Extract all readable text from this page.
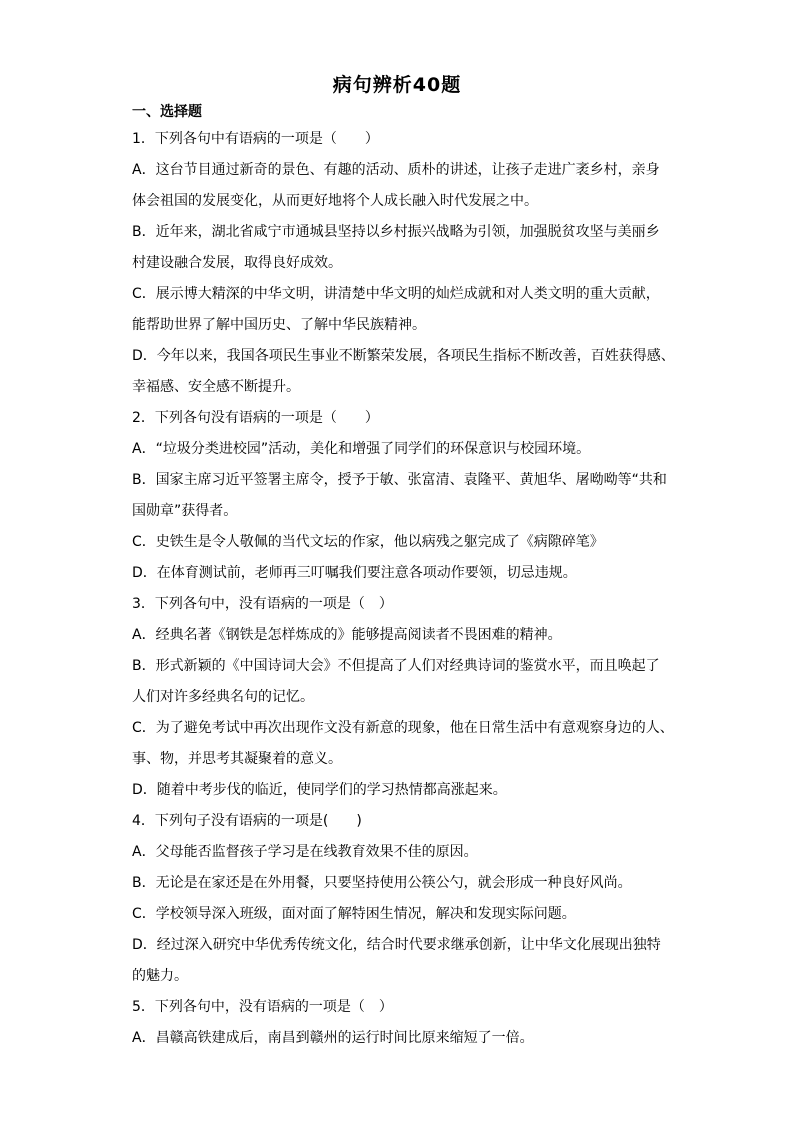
病句辨析40题
一、选择题
1．下列各句中有语病的一项是（　　）
A．这台节目通过新奇的景色、有趣的活动、质朴的讲述，让孩子走进广袤乡村，亲身
体会祖国的发展变化，从而更好地将个人成长融入时代发展之中。
B．近年来，湖北省咸宁市通城县坚持以乡村振兴战略为引领，加强脱贫攻坚与美丽乡
村建设融合发展，取得良好成效。
C．展示博大精深的中华文明，讲清楚中华文明的灿烂成就和对人类文明的重大贡献，
能帮助世界了解中国历史、了解中华民族精神。
D．今年以来，我国各项民生事业不断繁荣发展，各项民生指标不断改善，百姓获得感、
幸福感、安全感不断提升。
2．下列各句没有语病的一项是（　　）
A．“垃圾分类进校园”活动，美化和增强了同学们的环保意识与校园环境。
B．国家主席习近平签署主席令，授予于敏、张富清、袁隆平、黄旭华、屠呦呦等“共和
国勋章”获得者。
C．史铁生是令人敬佩的当代文坛的作家，他以病残之躯完成了《病隙碎笔》
D．在体育测试前，老师再三叮嘱我们要注意各项动作要领，切忌违规。
3．下列各句中，没有语病的一项是（　）
A．经典名著《钢铁是怎样炼成的》能够提高阅读者不畏困难的精神。
B．形式新颖的《中国诗词大会》不但提高了人们对经典诗词的鉴赏水平，而且唤起了
人们对许多经典名句的记忆。
C．为了避免考试中再次出现作文没有新意的现象，他在日常生活中有意观察身边的人、
事、物，并思考其凝聚着的意义。
D．随着中考步伐的临近，使同学们的学习热情都高涨起来。
4．下列句子没有语病的一项是(　　)
A．父母能否监督孩子学习是在线教育效果不佳的原因。
B．无论是在家还是在外用餐，只要坚持使用公筷公勺，就会形成一种良好风尚。
C．学校领导深入班级，面对面了解特困生情况，解决和发现实际问题。
D．经过深入研究中华优秀传统文化，结合时代要求继承创新，让中华文化展现出独特
的魅力。
5．下列各句中，没有语病的一项是（　）
A．昌赣高铁建成后，南昌到赣州的运行时间比原来缩短了一倍。
